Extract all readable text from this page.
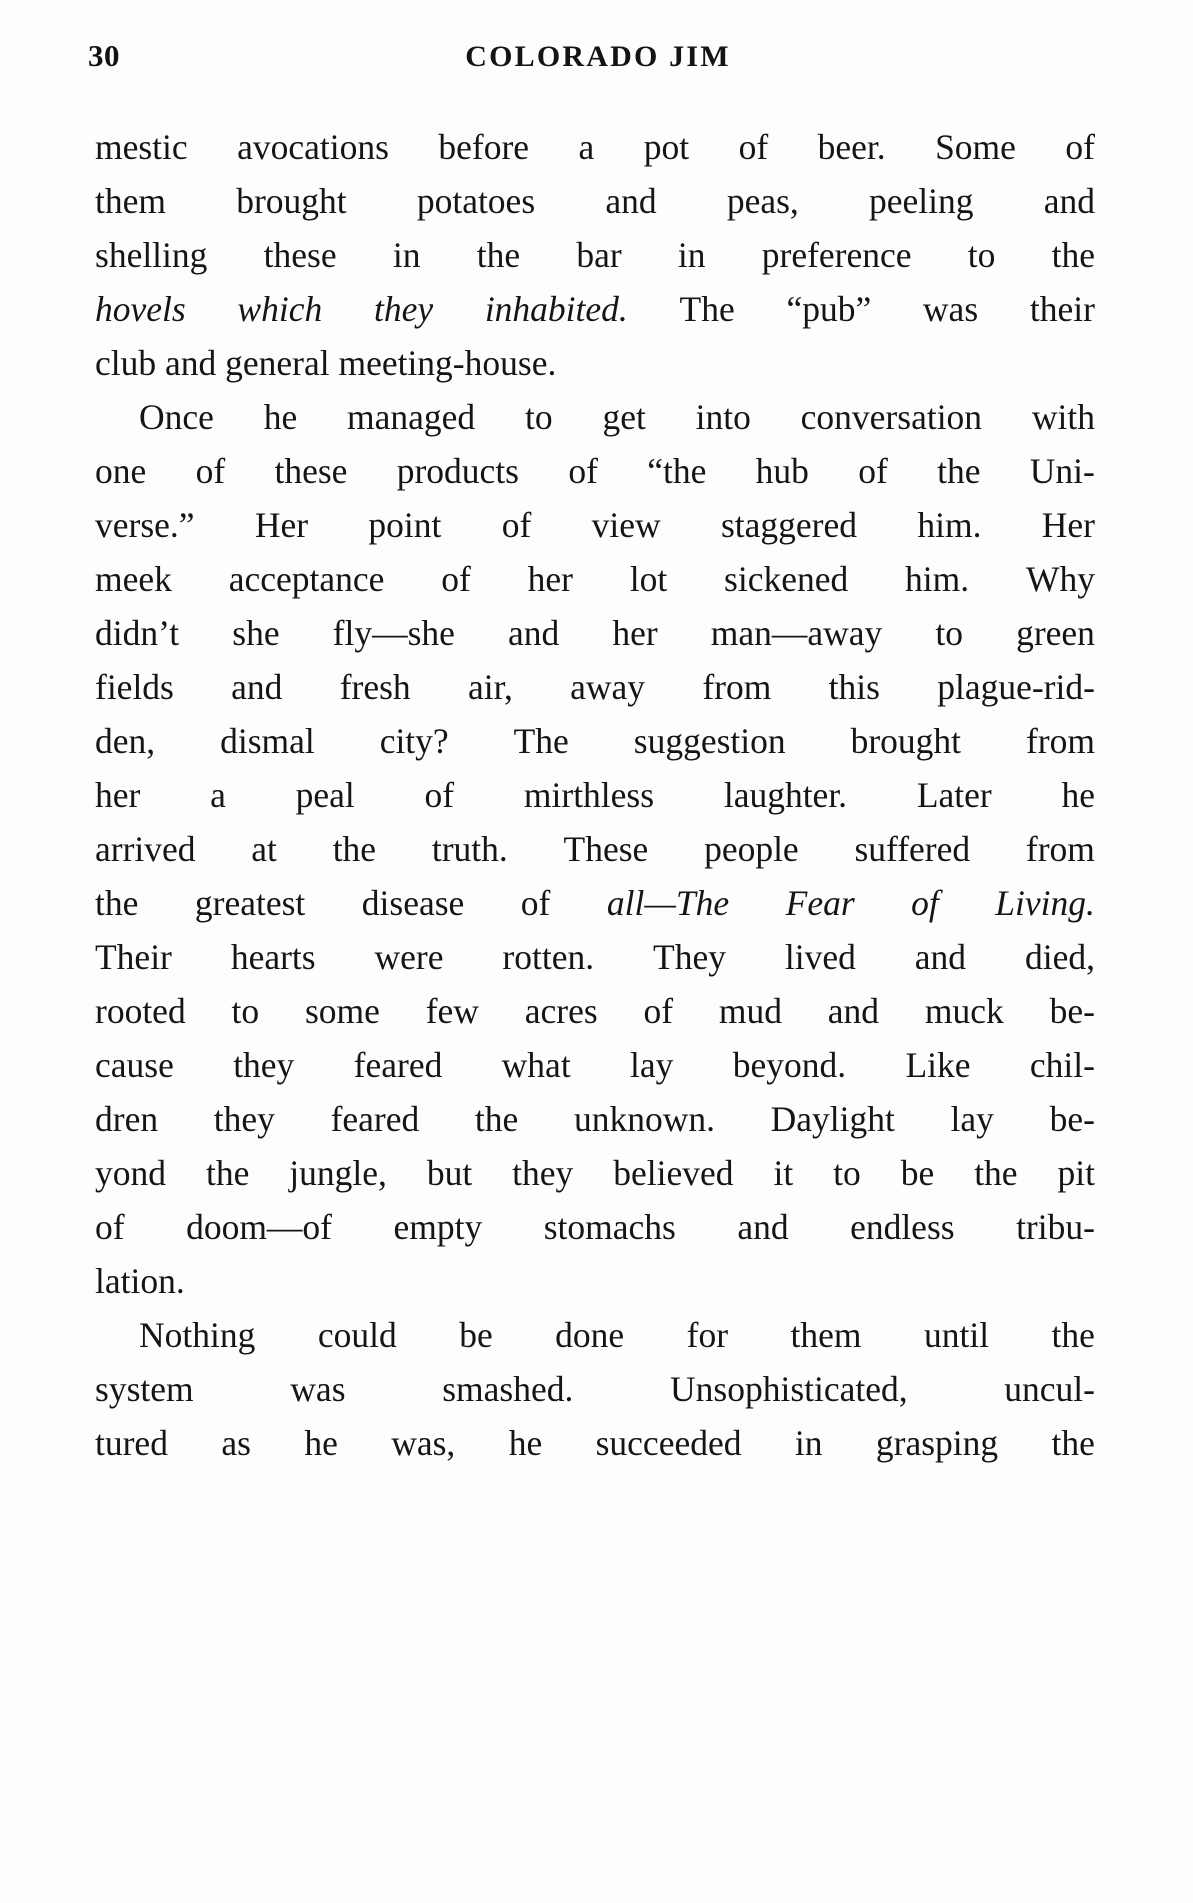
30	COLORADO JIM

mestic avocations before a pot of beer. Some of
them brought potatoes and peas, peeling and
shelling these in the bar in preference to the
hovels which they inhabited. The “pub” was their
club and general meeting-house.

Once he managed to get into conversation with
one of these products of “the hub of the Uni-
verse.” Her point of view staggered him. Her
meek acceptance of her lot sickened him. Why
didn’t she fly—she and her man—away to green
fields and fresh air, away from this plague-rid-
den, dismal city? The suggestion brought from
her a peal of mirthless laughter. Later he
arrived at the truth. These people suffered from
the greatest disease of all—The Fear of Living.
Their hearts were rotten. They lived and died,
rooted to some few acres of mud and muck be-
cause they feared what lay beyond. Like chil-
dren they feared the unknown. Daylight lay be-
yond the jungle, but they believed it to be the pit
of doom—of empty stomachs and endless tribu-
lation.

Nothing could be done for them until the
system	was	smashed.	Unsophisticated,	uncul-
tured as he was, he succeeded in grasping the
